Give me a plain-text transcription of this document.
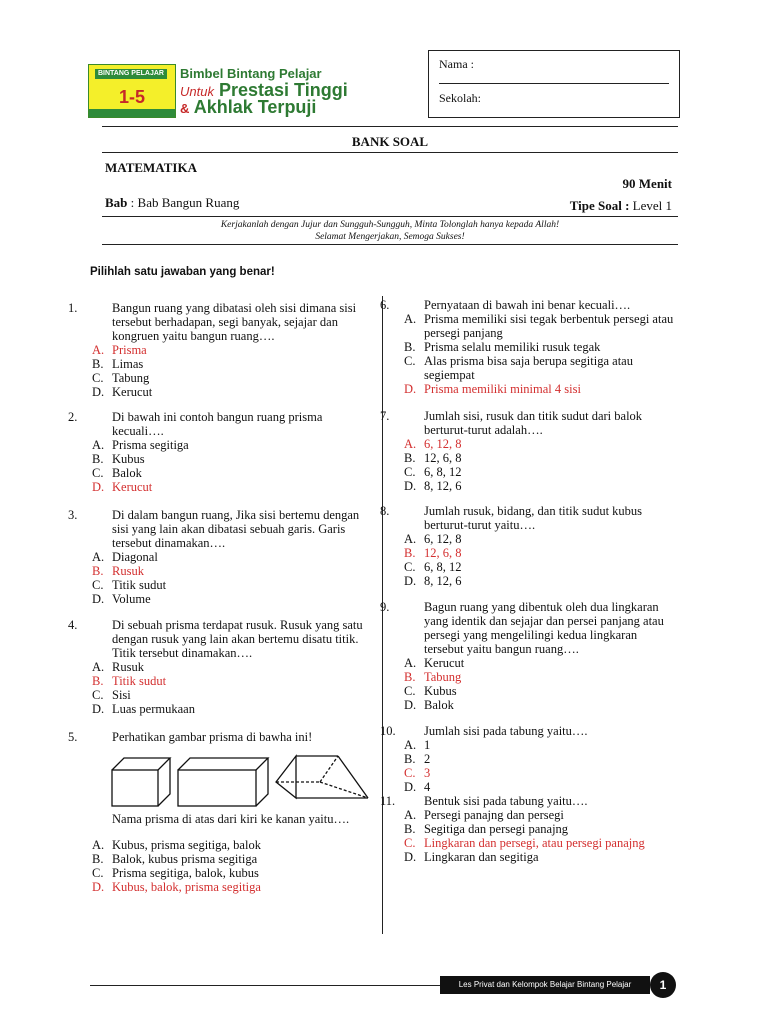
BINTANG PELAJAR
1-5
Bimbel Bintang Pelajar
Untuk Prestasi Tinggi
& Akhlak Terpuji
Nama :
Sekolah:
BANK SOAL
MATEMATIKA
90 Menit
Bab : Bab Bangun Ruang	Tipe Soal : Level 1
Kerjakanlah dengan Jujur dan Sungguh-Sungguh, Minta Tolonglah hanya kepada Allah!
Selamat Mengerjakan, Semoga Sukses!
Pilihlah satu jawaban yang benar!
1.	Bangun ruang yang dibatasi oleh sisi dimana sisi tersebut berhadapan, segi banyak, sejajar dan kongruen yaitu bangun ruang….
A. Prisma
B. Limas
C. Tabung
D. Kerucut
2.	Di bawah ini contoh bangun ruang prisma kecuali….
A. Prisma segitiga
B. Kubus
C. Balok
D. Kerucut
3.	Di dalam bangun ruang, Jika sisi bertemu dengan sisi yang lain akan dibatasi sebuah garis. Garis tersebut dinamakan….
A. Diagonal
B. Rusuk
C. Titik sudut
D. Volume
4.	Di sebuah prisma terdapat rusuk. Rusuk yang satu dengan rusuk yang lain akan bertemu disatu titik. Titik tersebut dinamakan….
A. Rusuk
B. Titik sudut
C. Sisi
D. Luas permukaan
5.	Perhatikan gambar prisma di bawha ini!
Nama prisma di atas dari kiri ke kanan yaitu….
A. Kubus, prisma segitiga, balok
B. Balok, kubus prisma segitiga
C. Prisma segitiga, balok, kubus
D. Kubus, balok, prisma segitiga
6.	Pernyataan di bawah ini benar kecuali….
A. Prisma memiliki sisi tegak berbentuk persegi atau persegi panjang
B. Prisma selalu memiliki rusuk tegak
C. Alas prisma bisa saja berupa segitiga atau segiempat
D. Prisma memiliki minimal 4 sisi
7.	Jumlah sisi, rusuk dan titik sudut dari balok berturut-turut adalah….
A. 6, 12, 8
B. 12, 6, 8
C. 6, 8, 12
D. 8, 12, 6
8.	Jumlah rusuk, bidang, dan titik sudut kubus berturut-turut yaitu….
A. 6, 12, 8
B. 12, 6, 8
C. 6, 8, 12
D. 8, 12, 6
9.	Bagun ruang yang dibentuk oleh dua lingkaran yang identik dan sejajar dan persei panjang atau persegi yang mengelilingi kedua lingkaran tersebut yaitu bangun ruang….
A. Kerucut
B. Tabung
C. Kubus
D. Balok
10. Jumlah sisi pada tabung yaitu….
A. 1
B. 2
C. 3
D. 4
11. Bentuk sisi pada tabung yaitu….
A. Persegi panajng dan persegi
B. Segitiga dan persegi panajng
C. Lingkaran dan persegi, atau persegi panajng
D. Lingkaran dan segitiga
Les Privat dan Kelompok Belajar Bintang Pelajar	1
